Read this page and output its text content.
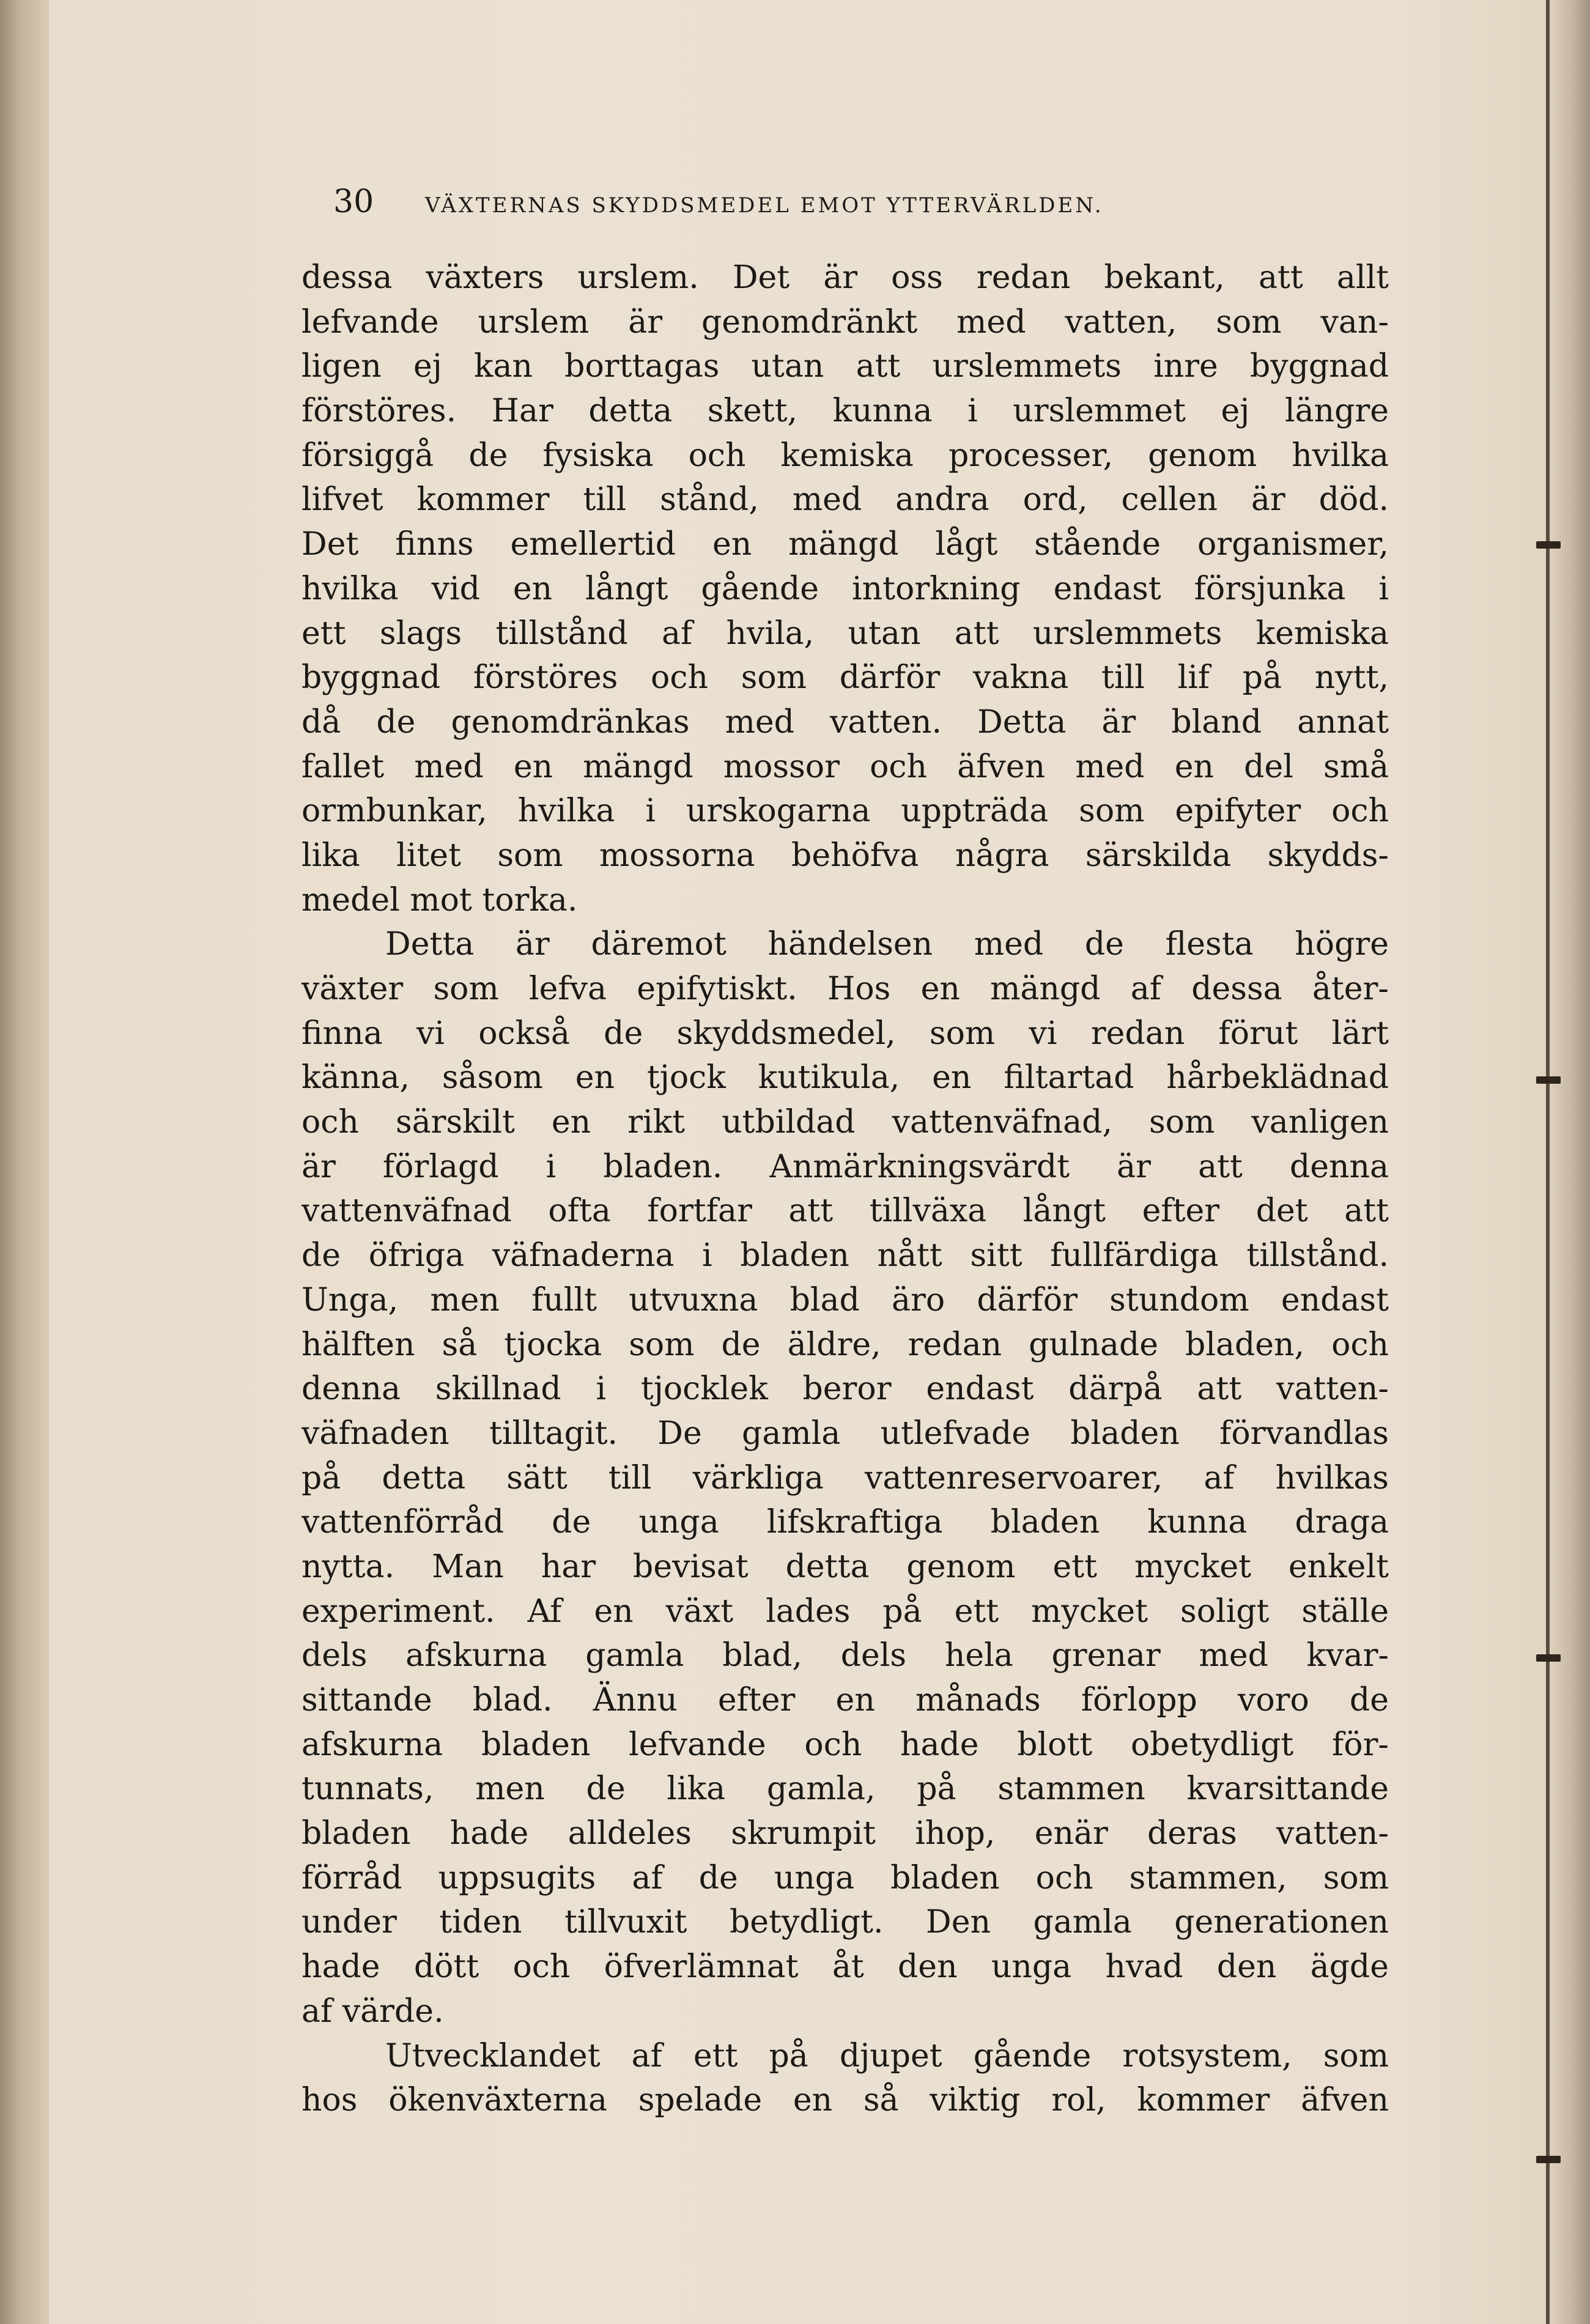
30	VÄXTERNAS SKYDDSMEDEL EMOT YTTERVÄRLDEN.
dessa växters urslem. Det är oss redan bekant, att allt
lefvande urslem är genomdränkt med vatten, som van-
ligen ej kan borttagas utan att urslemmets inre byggnad
förstöres. Har detta skett, kunna i urslemmet ej längre
försiggå de fysiska och kemiska processer, genom hvilka
lifvet kommer till stånd, med andra ord, cellen är död.
Det finns emellertid en mängd lågt stående organismer,
hvilka vid en långt gående intorkning endast försjunka i
ett slags tillstånd af hvila, utan att urslemmets kemiska
byggnad förstöres och som därför vakna till lif på nytt,
då de genomdränkas med vatten. Detta är bland annat
fallet med en mängd mossor och äfven med en del små
ormbunkar, hvilka i urskogarna uppträda som epifyter och
lika litet som mossorna behöfva några särskilda skydds-
medel mot torka.
Detta är däremot händelsen med de flesta högre
växter som lefva epifytiskt. Hos en mängd af dessa åter-
finna vi också de skyddsmedel, som vi redan förut lärt
känna, såsom en tjock kutikula, en filtartad hårbeklädnad
och särskilt en rikt utbildad vattenväfnad, som vanligen
är förlagd i bladen. Anmärkningsvärdt är att denna
vattenväfnad ofta fortfar att tillväxa långt efter det att
de öfriga väfnaderna i bladen nått sitt fullfärdiga tillstånd.
Unga, men fullt utvuxna blad äro därför stundom endast
hälften så tjocka som de äldre, redan gulnade bladen, och
denna skillnad i tjocklek beror endast därpå att vatten-
väfnaden tilltagit. De gamla utlefvade bladen förvandlas
på detta sätt till värkliga vattenreservoarer, af hvilkas
vattenförråd de unga lifskraftiga bladen kunna draga
nytta. Man har bevisat detta genom ett mycket enkelt
experiment. Af en växt lades på ett mycket soligt ställe
dels afskurna gamla blad, dels hela grenar med kvar-
sittande blad. Ännu efter en månads förlopp voro de
afskurna bladen lefvande och hade blott obetydligt för-
tunnats, men de lika gamla, på stammen kvarsittande
bladen hade alldeles skrumpit ihop, enär deras vatten-
förråd uppsugits af de unga bladen och stammen, som
under tiden tillvuxit betydligt. Den gamla generationen
hade dött och öfverlämnat åt den unga hvad den ägde
af värde.
Utvecklandet af ett på djupet gående rotsystem, som
hos ökenväxterna spelade en så viktig rol, kommer äfven
